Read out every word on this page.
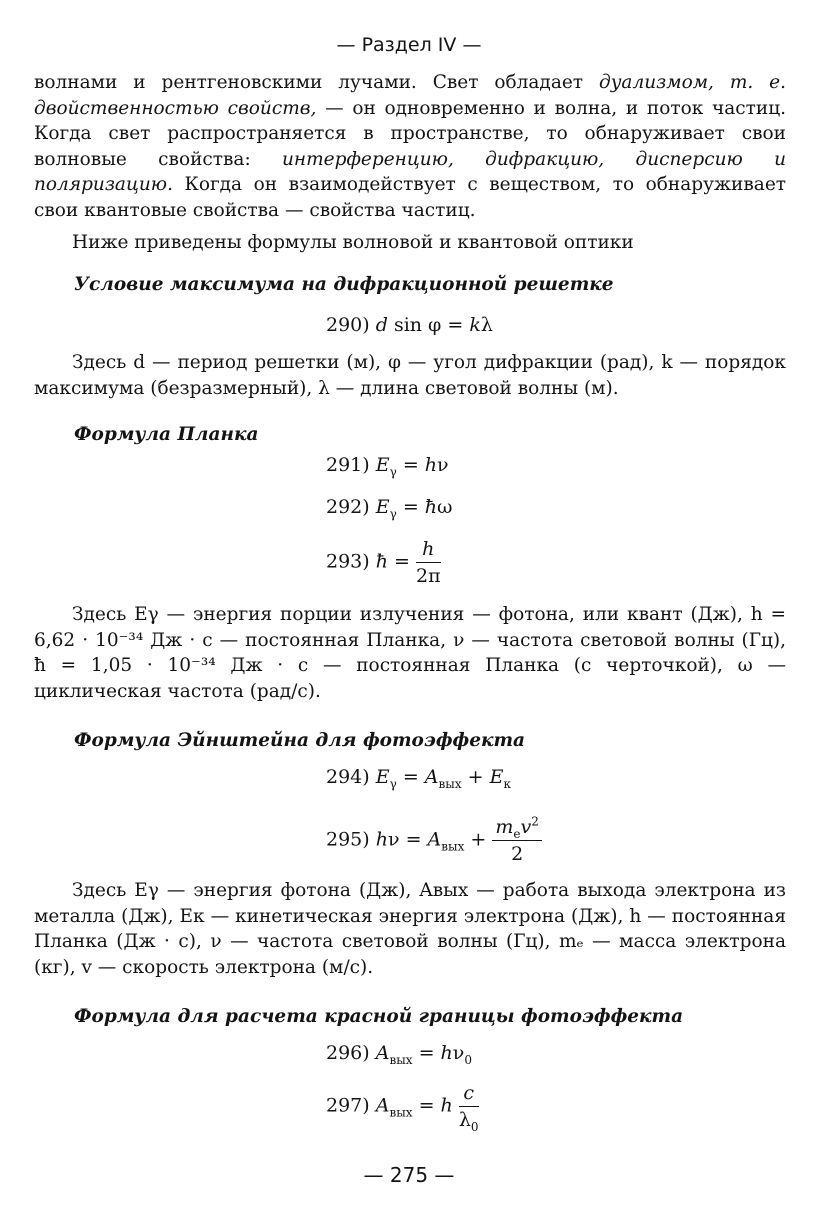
— Раздел IV —

волнами и рентгеновскими лучами. Свет обладает дуализмом, т. е. двойственностью свойств, — он одновременно и волна, и поток частиц. Когда свет распространяется в пространстве, то обнаруживает свои волновые свойства: интерференцию, дифракцию, дисперсию и поляризацию. Когда он взаимодействует с веществом, то обнаруживает свои квантовые свойства — свойства частиц.

Ниже приведены формулы волновой и квантовой оптики

Условие максимума на дифракционной решетке

290) d sin φ = kλ

Здесь d — период решетки (м), φ — угол дифракции (рад), k — порядок максимума (безразмерный), λ — длина световой волны (м).

Формула Планка

291) $E_\gamma = h\nu$
292) $E_\gamma$ = ħω
293) ħ = $\frac{h}{2\pi}$

Здесь Eγ — энергия порции излучения — фотона, или квант (Дж), h = 6,62 · 10⁻³⁴ Дж · с — постоянная Планка, ν — частота световой волны (Гц), ħ = 1,05 · 10⁻³⁴ Дж · с — постоянная Планка (с черточкой), ω — циклическая частота (рад/с).

Формула Эйнштейна для фотоэффекта

294) $E_\gamma = A_{вых} + E_к$
295) $h\nu = A_{вых} + \frac{m_ev^2}{2}$

Здесь Eγ — энергия фотона (Дж), Aвых — работа выхода электрона из металла (Дж), Eк — кинетическая энергия электрона (Дж), h — постоянная Планка (Дж · с), ν — частота световой волны (Гц), mₑ — масса электрона (кг), v — скорость электрона (м/с).

Формула для расчета красной границы фотоэффекта

296) $A_{вых} = h\nu_0$
297) $A_{вых} = h \frac{c}{\lambda_0}$
— 275 —
